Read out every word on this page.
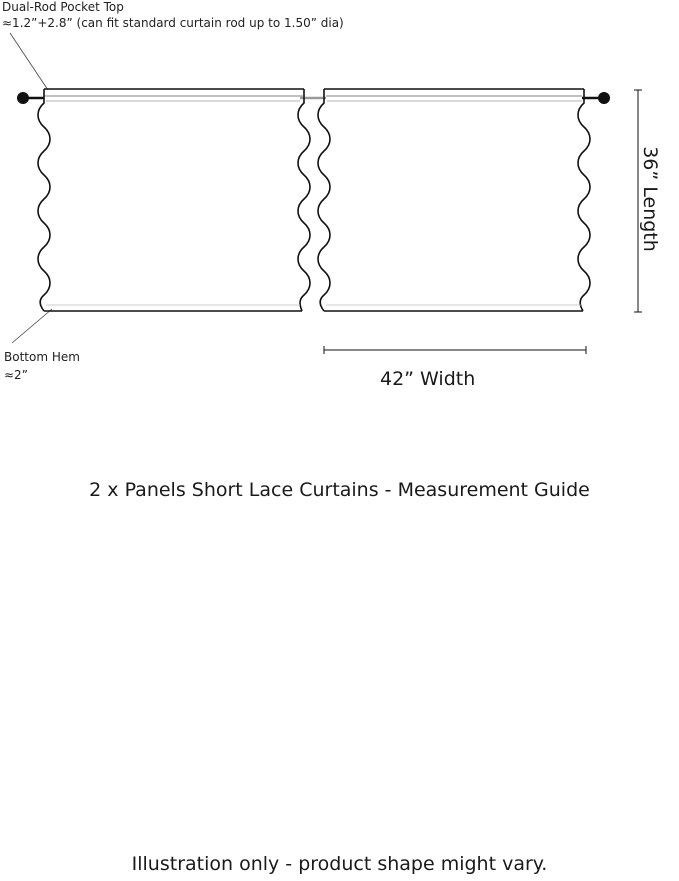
Dual-Rod Pocket Top
≈1.2”+2.8” (can fit standard curtain rod up to 1.50” dia)
Bottom Hem
≈2”	42” Width
36” Length
2 x Panels Short Lace Curtains - Measurement Guide
Illustration only - product shape might vary.
